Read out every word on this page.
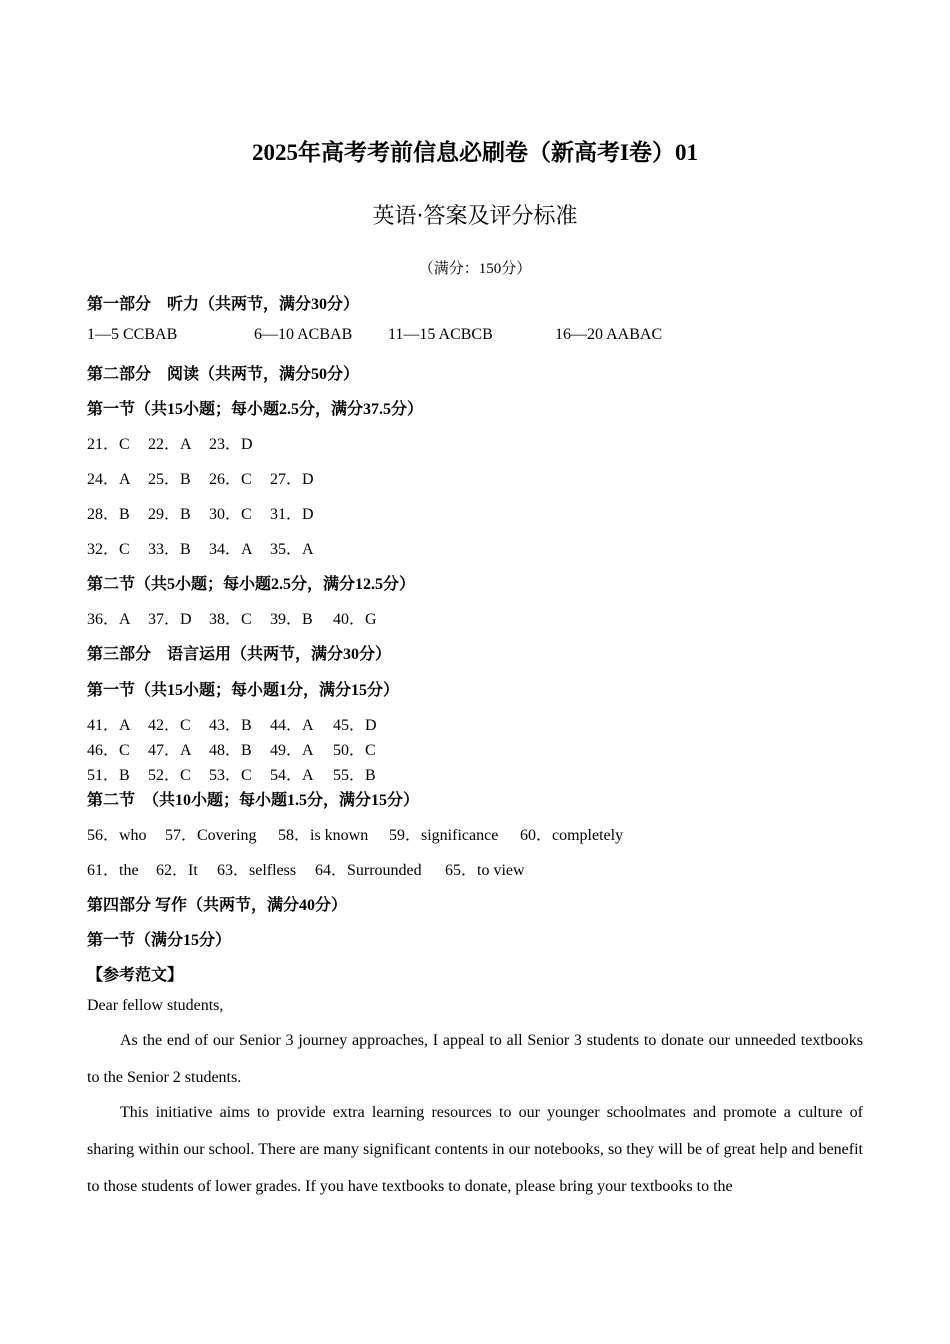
2025年高考考前信息必刷卷（新高考I卷）01
英语·答案及评分标准
（满分：150分）
第一部分　听力（共两节，满分30分）
1—5 CCBAB	6—10 ACBAB 11—15 ACBCB	16—20 AABAC
第二部分　阅读（共两节，满分50分）
第一节（共15小题；每小题2.5分，满分37.5分）
21．C 22．A 23．D
24．A 25．B 26．C 27．D
28．B 29．B 30．C 31．D
32．C 33．B 34．A 35．A
第二节（共5小题；每小题2.5分，满分12.5分）
36．A 37．D 38．C 39．B 40．G
第三部分　语言运用（共两节，满分30分）
第一节（共15小题；每小题1分，满分15分）
41．A 42．C 43．B 44．A 45．D
46．C 47．A 48．B 49．A 50．C
51．B 52．C 53．C 54．A 55．B
第二节　（共10小题；每小题1.5分，满分15分）
56．who 57．Covering 58．is known 59．significance 60．completely
61．the 62．It 63．selfless 64．Surrounded 65．to view
第四部分 写作（共两节，满分40分）
第一节（满分15分）
【参考范文】
Dear fellow students,
As the end of our Senior 3 journey approaches, I appeal to all Senior 3 students to donate our unneeded textbooks to the Senior 2 students.
This initiative aims to provide extra learning resources to our younger schoolmates and promote a culture of sharing within our school. There are many significant contents in our notebooks, so they will be of great help and benefit to those students of lower grades. If you have textbooks to donate, please bring your textbooks to the
